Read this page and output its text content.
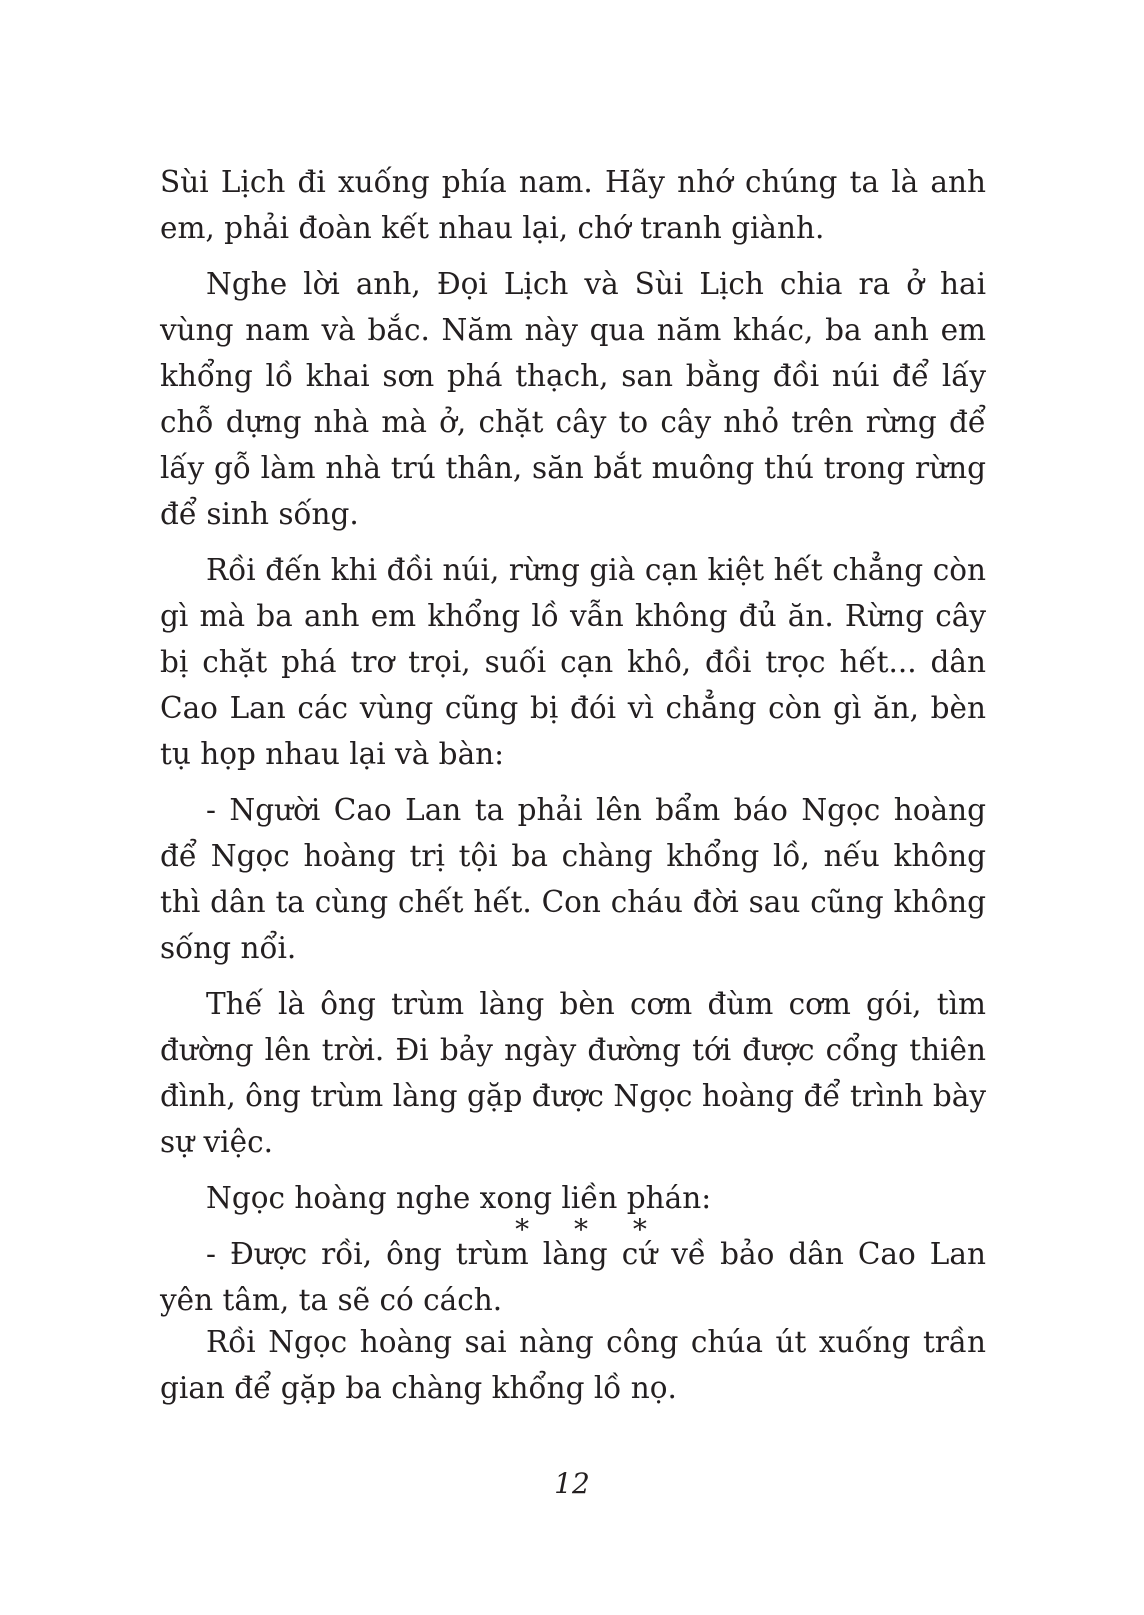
Sùi Lịch đi xuống phía nam. Hãy nhớ chúng ta là anh em, phải đoàn kết nhau lại, chớ tranh giành.

Nghe lời anh, Đọi Lịch và Sùi Lịch chia ra ở hai vùng nam và bắc. Năm này qua năm khác, ba anh em khổng lồ khai sơn phá thạch, san bằng đồi núi để lấy chỗ dựng nhà mà ở, chặt cây to cây nhỏ trên rừng để lấy gỗ làm nhà trú thân, săn bắt muông thú trong rừng để sinh sống.

Rồi đến khi đồi núi, rừng già cạn kiệt hết chẳng còn gì mà ba anh em khổng lồ vẫn không đủ ăn. Rừng cây bị chặt phá trơ trọi, suối cạn khô, đồi trọc hết... dân Cao Lan các vùng cũng bị đói vì chẳng còn gì ăn, bèn tụ họp nhau lại và bàn:

- Người Cao Lan ta phải lên bẩm báo Ngọc hoàng để Ngọc hoàng trị tội ba chàng khổng lồ, nếu không thì dân ta cùng chết hết. Con cháu đời sau cũng không sống nổi.

Thế là ông trùm làng bèn cơm đùm cơm gói, tìm đường lên trời. Đi bảy ngày đường tới được cổng thiên đình, ông trùm làng gặp được Ngọc hoàng để trình bày sự việc.

Ngọc hoàng nghe xong liền phán:

- Được rồi, ông trùm làng cứ về bảo dân Cao Lan yên tâm, ta sẽ có cách.

* * *

Rồi Ngọc hoàng sai nàng công chúa út xuống trần gian để gặp ba chàng khổng lồ nọ.

12
